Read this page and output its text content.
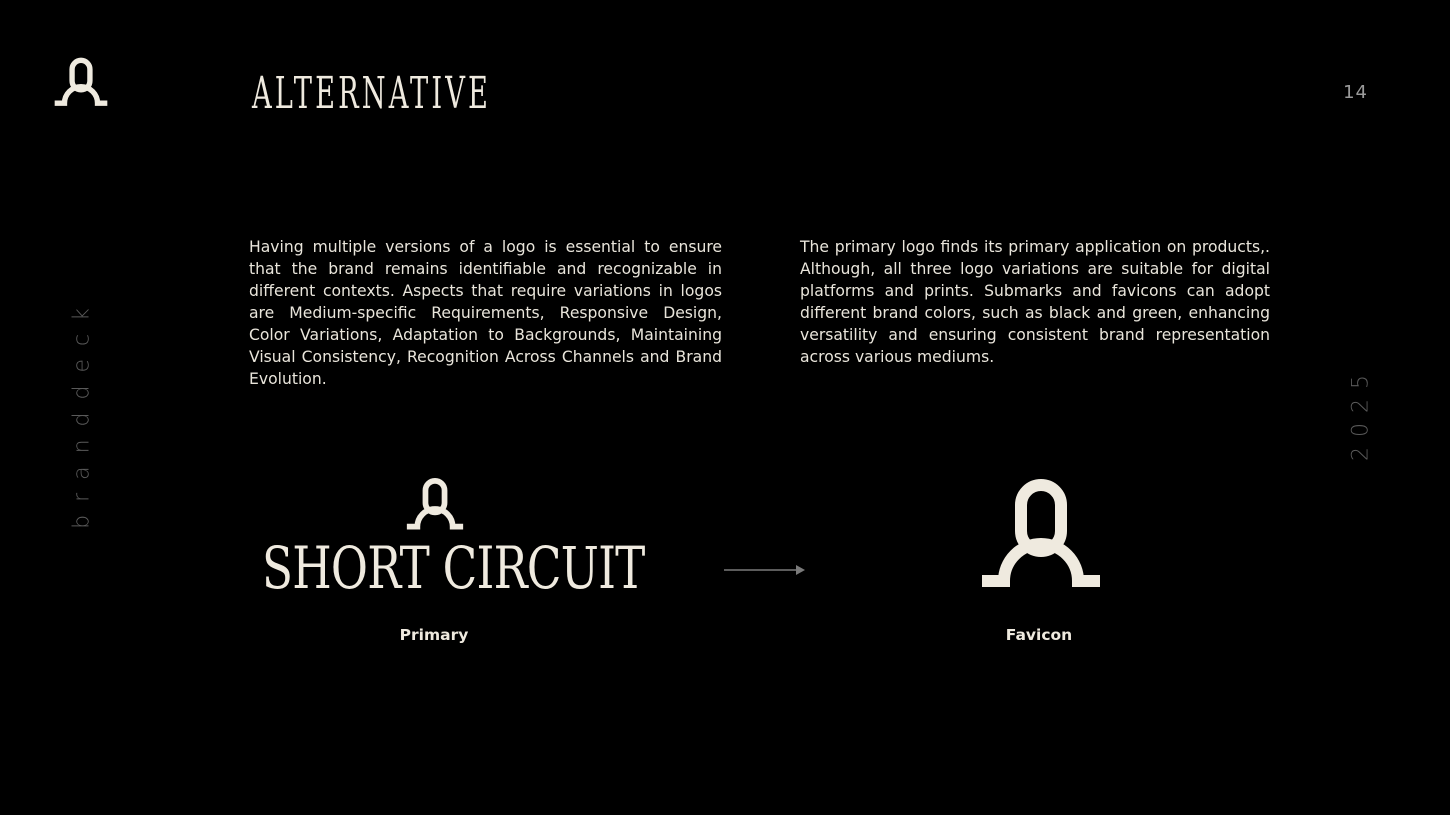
ALTERNATIVE	14
branddeck	2025

Having multiple versions of a logo is essential to ensure that the brand remains identifiable and recognizable in different contexts. Aspects that require variations in logos are Medium-specific Requirements, Responsive Design, Color Variations, Adaptation to Backgrounds, Maintaining Visual Consistency, Recognition Across Channels and Brand Evolution.

The primary logo finds its primary application on products,. Although, all three logo variations are suitable for digital platforms and prints. Submarks and favicons can adopt different brand colors, such as black and green, enhancing versatility and ensuring consistent brand representation across various mediums.

SHORT CIRCUIT
Primary	Favicon
